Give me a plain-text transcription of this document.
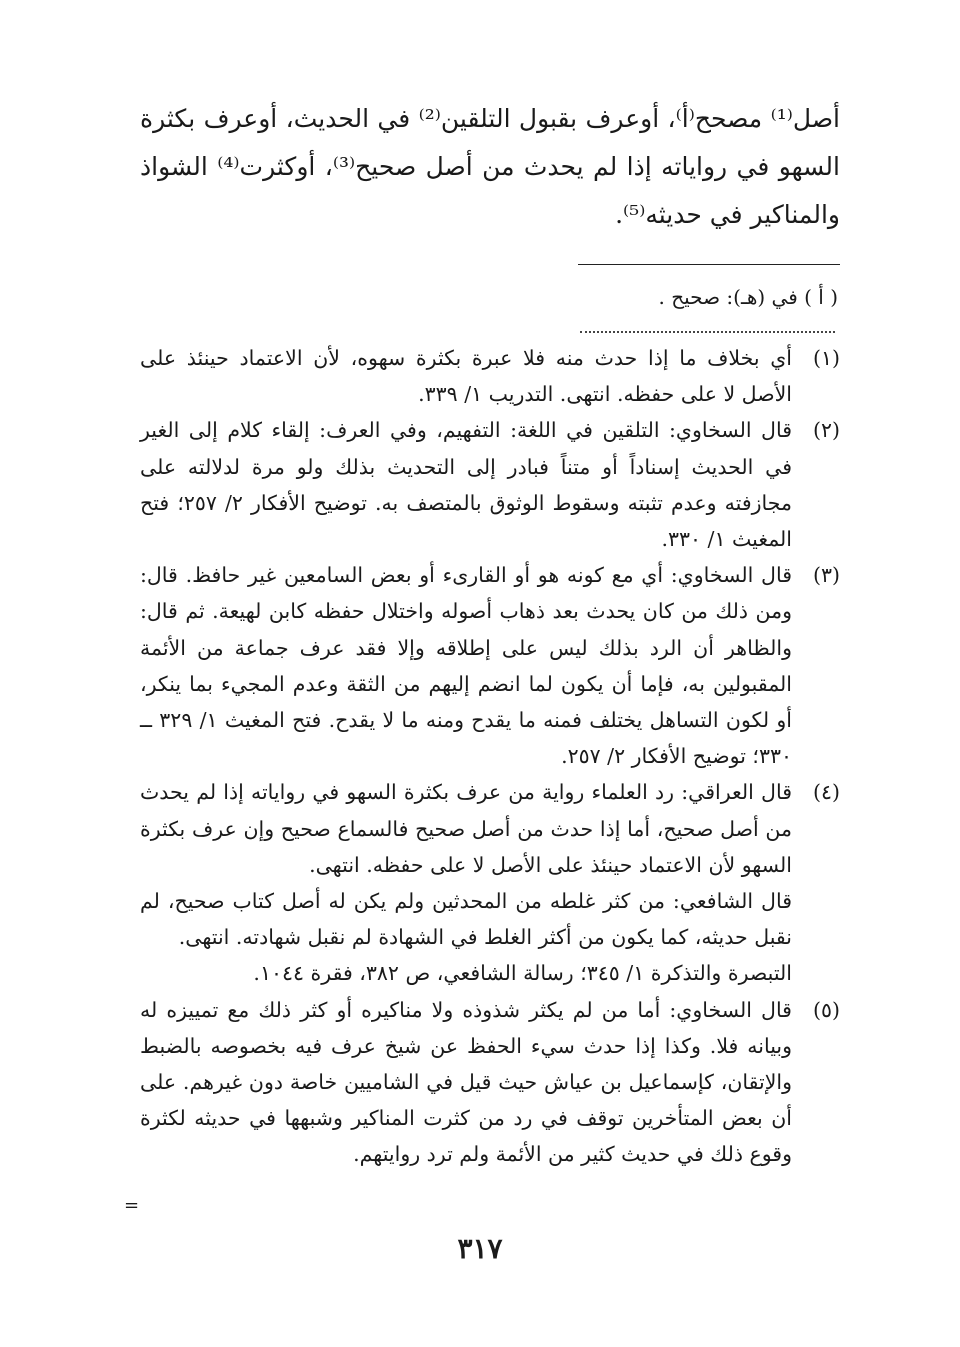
أصل⁽¹⁾ مصحح⁽أ⁾، أوعرف بقبول التلقين⁽²⁾ في الحديث، أوعرف بكثرة السهو في رواياته إذا لم يحدث من أصل صحيح⁽³⁾، أوكثرت⁽⁴⁾ الشواذ والمناكير في حديثه⁽⁵⁾.

( أ ) في (هـ): صحيح .
(١)

أي بخلاف ما إذا حدث منه فلا عبرة بكثرة سهوه، لأن الاعتماد حينئذ على الأصل لا على حفظه. انتهى. التدريب ١/ ٣٣٩.

(٢)

قال السخاوي: التلقين في اللغة: التفهيم، وفي العرف: إلقاء كلام إلى الغير في الحديث إسناداً أو متناً فبادر إلى التحديث بذلك ولو مرة لدلالته على مجازفته وعدم تثبته وسقوط الوثوق بالمتصف به. توضيح الأفكار ٢/ ٢٥٧؛ فتح المغيث ١/ ٣٣٠.

(٣)

قال السخاوي: أي مع كونه هو أو القارىء أو بعض السامعين غير حافظ. قال: ومن ذلك من كان يحدث بعد ذهاب أصوله واختلال حفظه كابن لهيعة. ثم قال: والظاهر أن الرد بذلك ليس على إطلاقه وإلا فقد عرف جماعة من الأئمة المقبولين به، فإما أن يكون لما انضم إليهم من الثقة وعدم المجيء بما ينكر، أو لكون التساهل يختلف فمنه ما يقدح ومنه ما لا يقدح. فتح المغيث ١/ ٣٢٩ ــ ٣٣٠؛ توضيح الأفكار ٢/ ٢٥٧.

(٤)

قال العراقي: رد العلماء رواية من عرف بكثرة السهو في رواياته إذا لم يحدث من أصل صحيح، أما إذا حدث من أصل صحيح فالسماع صحيح وإن عرف بكثرة السهو لأن الاعتماد حينئذ على الأصل لا على حفظه. انتهى.

قال الشافعي: من كثر غلطه من المحدثين ولم يكن له أصل كتاب صحيح، لم نقبل حديثه، كما يكون من أكثر الغلط في الشهادة لم نقبل شهادته. انتهى.

التبصرة والتذكرة ١/ ٣٤٥؛ رسالة الشافعي، ص ٣٨٢، فقرة ١٠٤٤.

(٥)

قال السخاوي: أما من لم يكثر شذوذه ولا مناكيره أو كثر ذلك مع تمييزه له وبيانه فلا. وكذا إذا حدث سيء الحفظ عن شيخ عرف فيه بخصوصه بالضبط والإتقان، كإسماعيل بن عياش حيث قيل في الشاميين خاصة دون غيرهم. على أن بعض المتأخرين توقف في رد من كثرت المناكير وشبهها في حديثه لكثرة وقوع ذلك في حديث كثير من الأئمة ولم ترد روايتهم.

=
٣١٧
